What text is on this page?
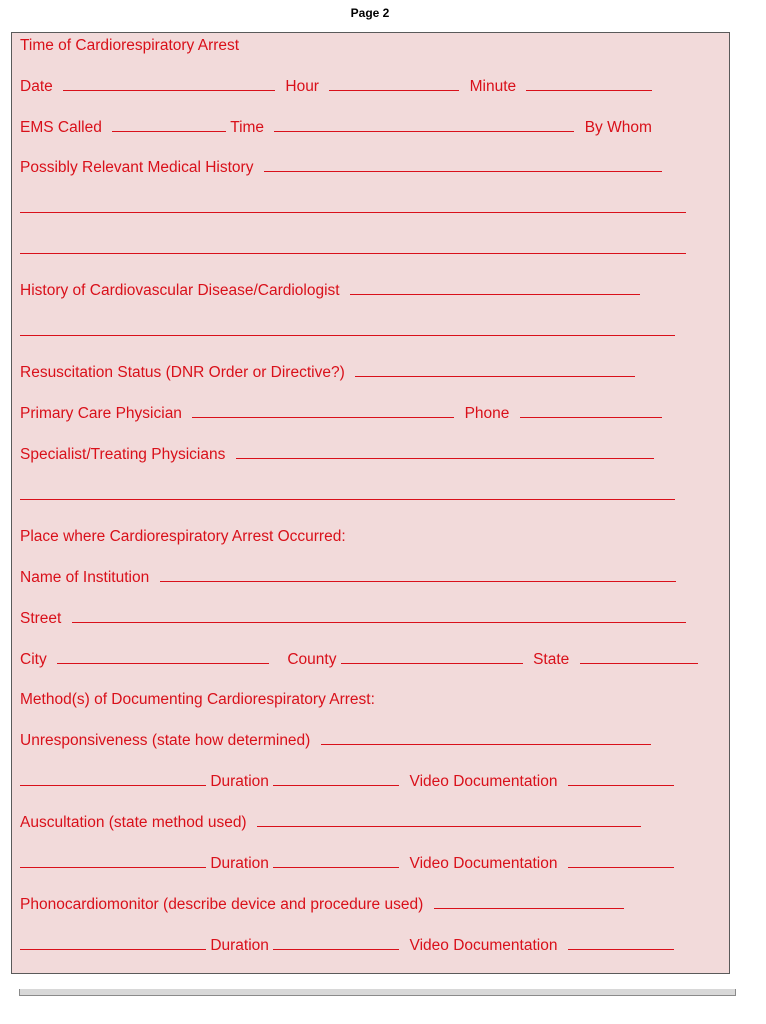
Page 2
Time of Cardiorespiratory Arrest
Date	Hour	Minute
EMS Called	Time	By Whom
Possibly Relevant Medical History
History of Cardiovascular Disease/Cardiologist
Resuscitation Status (DNR Order or Directive?)
Primary Care Physician	Phone
Specialist/Treating Physicians
Place where Cardiorespiratory Arrest Occurred:
Name of Institution
Street
City	County	State
Method(s) of Documenting Cardiorespiratory Arrest:
Unresponsiveness (state how determined)
Duration	Video Documentation
Auscultation (state method used)
Duration	Video Documentation
Phonocardiomonitor (describe device and procedure used)
Duration	Video Documentation
